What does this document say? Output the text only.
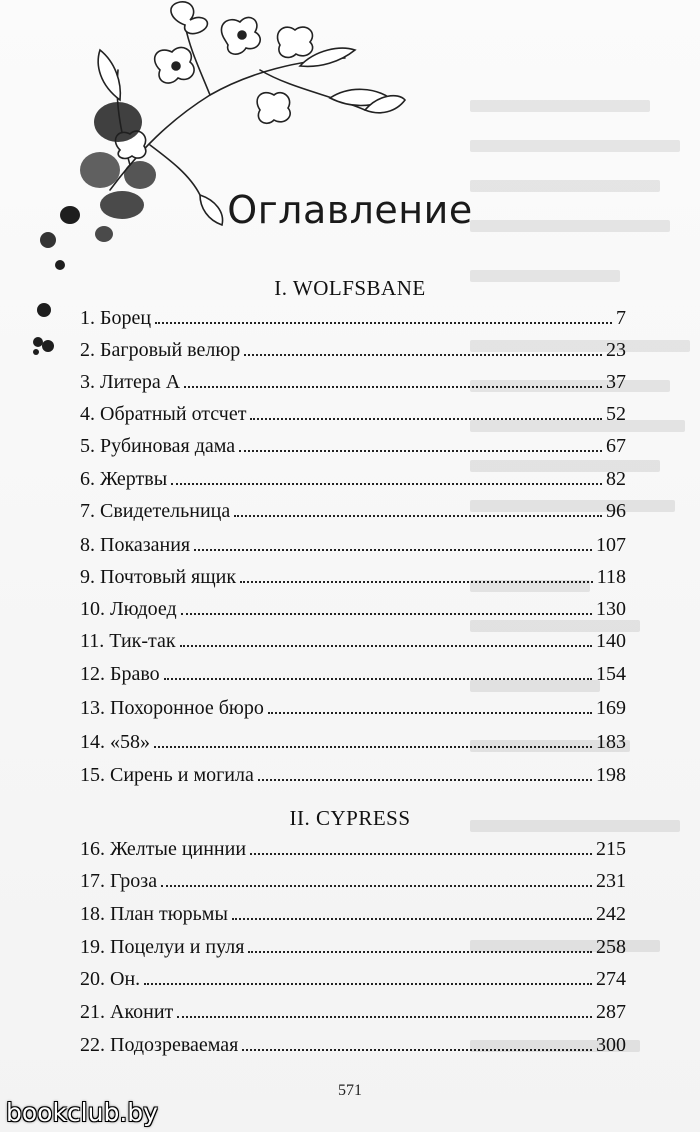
Оглавление
I. WOLFSBANE
1. Борец	7
2. Багровый велюр	23
3. Литера А	37
4. Обратный отсчет	52
5. Рубиновая дама	67
6. Жертвы	82
7. Свидетельница	96
8. Показания	107
9. Почтовый ящик	118
10. Людоед	130
11. Тик-так	140
12. Браво	154
13. Похоронное бюро	169
14. «58»	183
15. Сирень и могила	198
II. CYPRESS
16. Желтые циннии	215
17. Гроза	231
18. План тюрьмы	242
19. Поцелуи и пуля	258
20. Он.	274
21. Аконит	287
22. Подозреваемая	300
571
bookclub.by
